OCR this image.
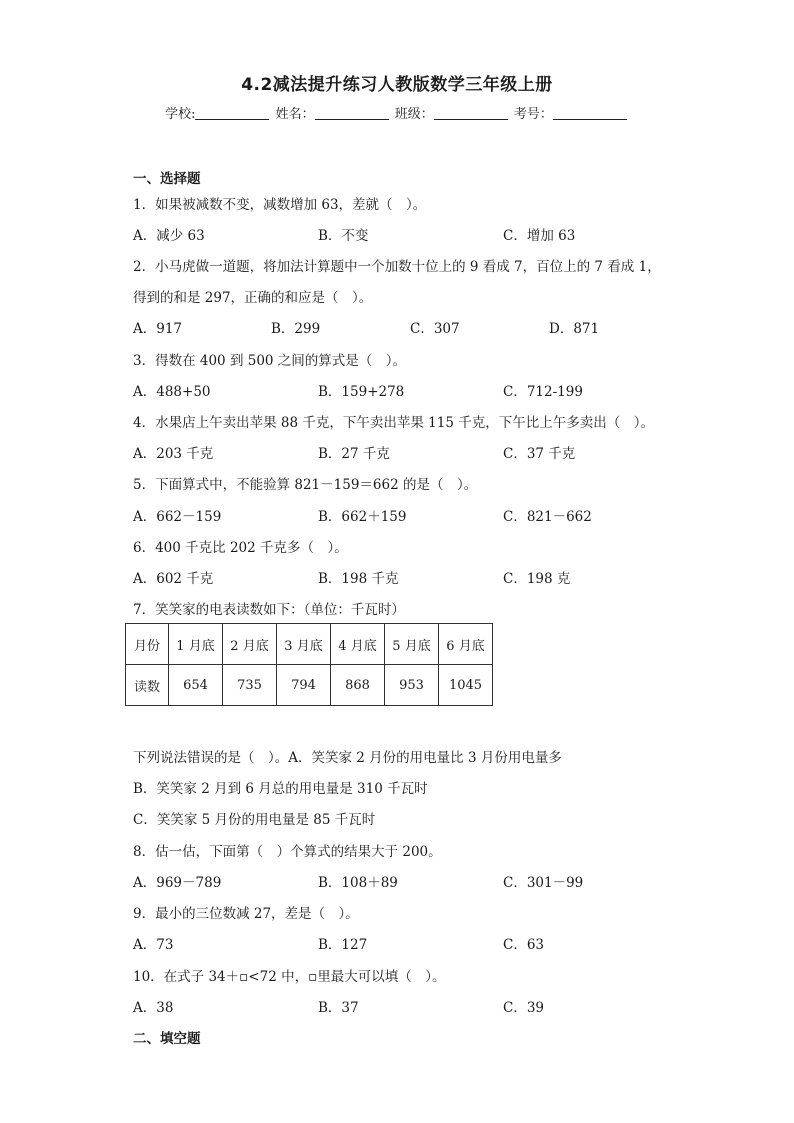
4.2减法提升练习人教版数学三年级上册
学校:	姓名：	班级：	考号：
一、选择题
1．如果被减数不变，减数增加 63，差就（　）。
A．减少 63	B．不变	C．增加 63
2．小马虎做一道题，将加法计算题中一个加数十位上的 9 看成 7，百位上的 7 看成 1，
得到的和是 297，正确的和应是（　）。
A．917	B．299	C．307	D．871
3．得数在 400 到 500 之间的算式是（　）。
A．488+50	B．159+278	C．712-199
4．水果店上午卖出苹果 88 千克，下午卖出苹果 115 千克，下午比上午多卖出（　）。
A．203 千克	B．27 千克	C．37 千克
5．下面算式中，不能验算 821－159＝662 的是（　）。
A．662－159	B．662＋159	C．821－662
6．400 千克比 202 千克多（　）。
A．602 千克	B．198 千克	C．198 克
7．笑笑家的电表读数如下：（单位：千瓦时）
月份	1 月底	2 月底	3 月底	4 月底	5 月底	6 月底
读数	654	735	794	868	953	1045
下列说法错误的是（　）。A．笑笑家 2 月份的用电量比 3 月份用电量多
B．笑笑家 2 月到 6 月总的用电量是 310 千瓦时
C．笑笑家 5 月份的用电量是 85 千瓦时
8．估一估，下面第（　）个算式的结果大于 200。
A．969－789	B．108＋89	C．301－99
9．最小的三位数减 27，差是（　）。
A．73	B．127	C．63
10．在式子 34＋▫<72 中，▫里最大可以填（　）。
A．38	B．37	C．39
二、填空题
